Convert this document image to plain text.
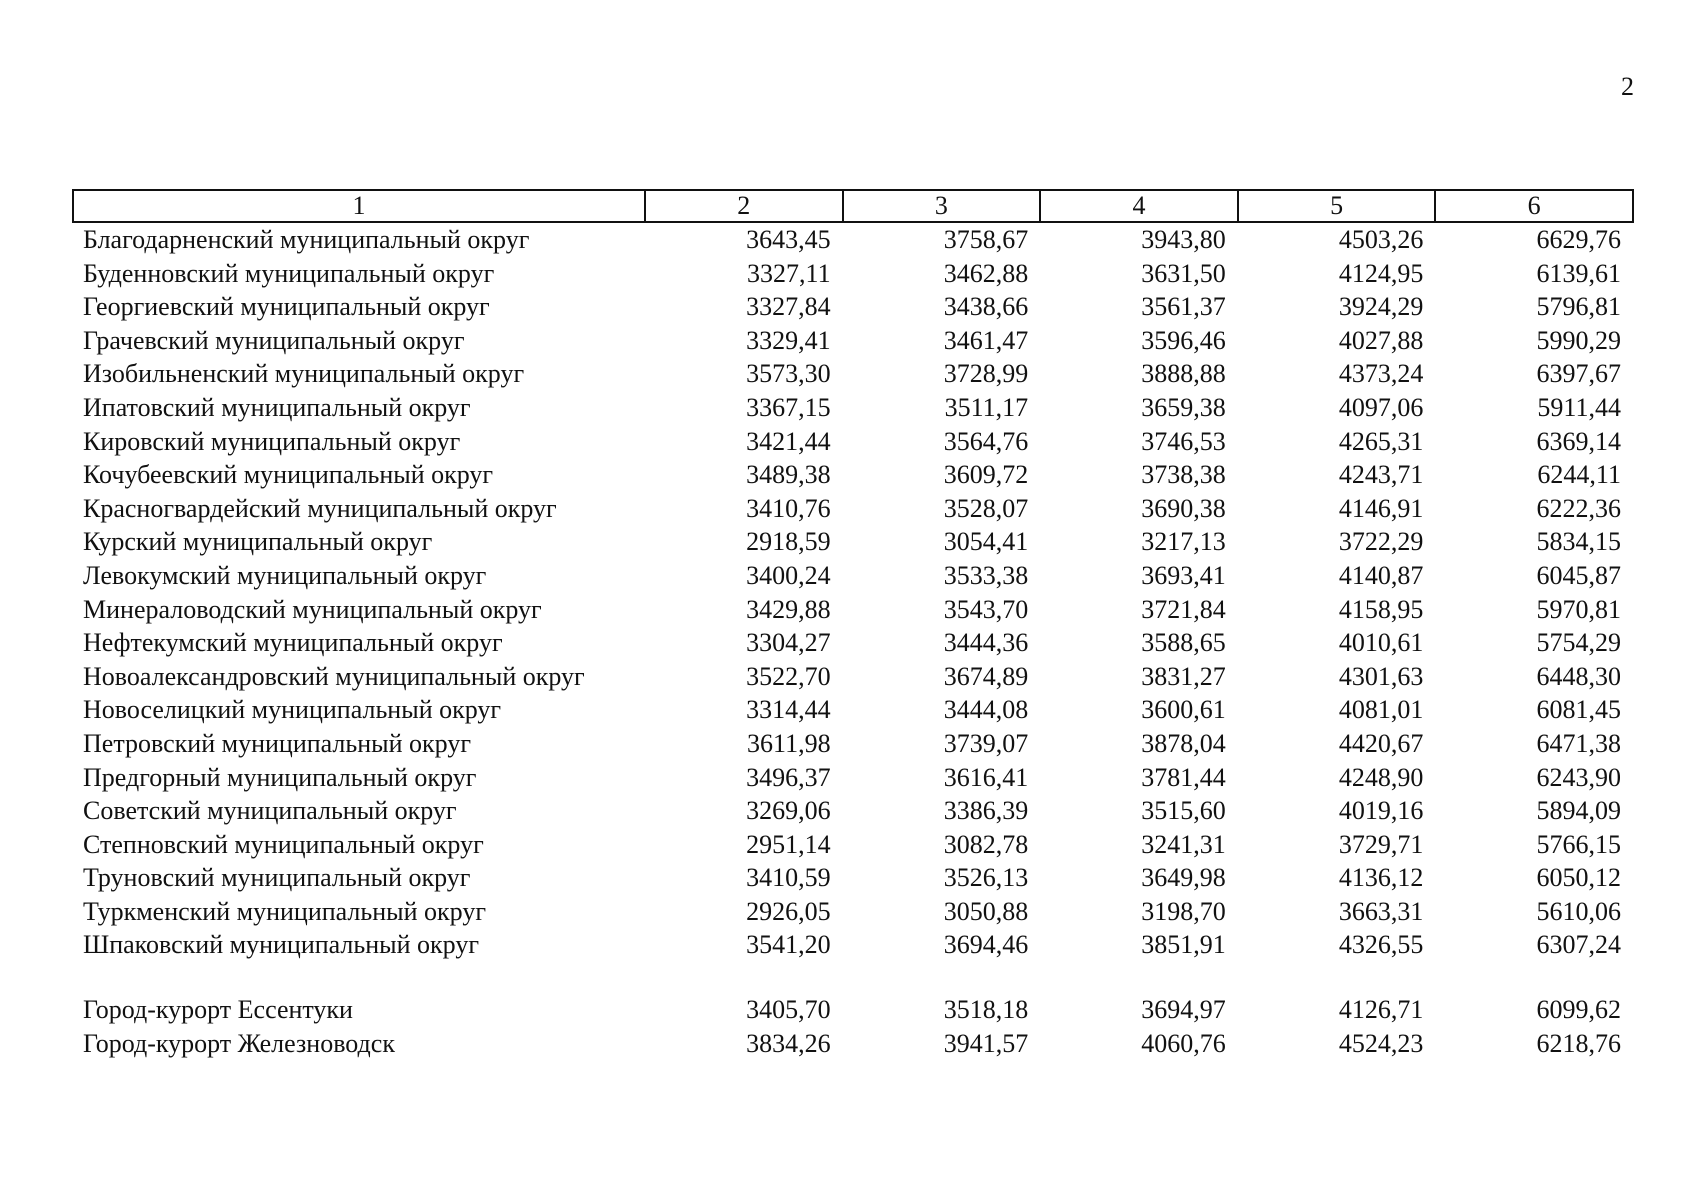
2
1	2	3	4	5	6
Благодарненский муниципальный округ	3643,45	3758,67	3943,80	4503,26	6629,76
Буденновский муниципальный округ	3327,11	3462,88	3631,50	4124,95	6139,61
Георгиевский муниципальный округ	3327,84	3438,66	3561,37	3924,29	5796,81
Грачевский муниципальный округ	3329,41	3461,47	3596,46	4027,88	5990,29
Изобильненский муниципальный округ	3573,30	3728,99	3888,88	4373,24	6397,67
Ипатовский муниципальный округ	3367,15	3511,17	3659,38	4097,06	5911,44
Кировский муниципальный округ	3421,44	3564,76	3746,53	4265,31	6369,14
Кочубеевский муниципальный округ	3489,38	3609,72	3738,38	4243,71	6244,11
Красногвардейский муниципальный округ	3410,76	3528,07	3690,38	4146,91	6222,36
Курский муниципальный округ	2918,59	3054,41	3217,13	3722,29	5834,15
Левокумский муниципальный округ	3400,24	3533,38	3693,41	4140,87	6045,87
Минераловодский муниципальный округ	3429,88	3543,70	3721,84	4158,95	5970,81
Нефтекумский муниципальный округ	3304,27	3444,36	3588,65	4010,61	5754,29
Новоалександровский муниципальный округ	3522,70	3674,89	3831,27	4301,63	6448,30
Новоселицкий муниципальный округ	3314,44	3444,08	3600,61	4081,01	6081,45
Петровский муниципальный округ	3611,98	3739,07	3878,04	4420,67	6471,38
Предгорный муниципальный округ	3496,37	3616,41	3781,44	4248,90	6243,90
Советский муниципальный округ	3269,06	3386,39	3515,60	4019,16	5894,09
Степновский муниципальный округ	2951,14	3082,78	3241,31	3729,71	5766,15
Труновский муниципальный округ	3410,59	3526,13	3649,98	4136,12	6050,12
Туркменский муниципальный округ	2926,05	3050,88	3198,70	3663,31	5610,06
Шпаковский муниципальный округ	3541,20	3694,46	3851,91	4326,55	6307,24

Город-курорт Ессентуки	3405,70	3518,18	3694,97	4126,71	6099,62
Город-курорт Железноводск	3834,26	3941,57	4060,76	4524,23	6218,76
